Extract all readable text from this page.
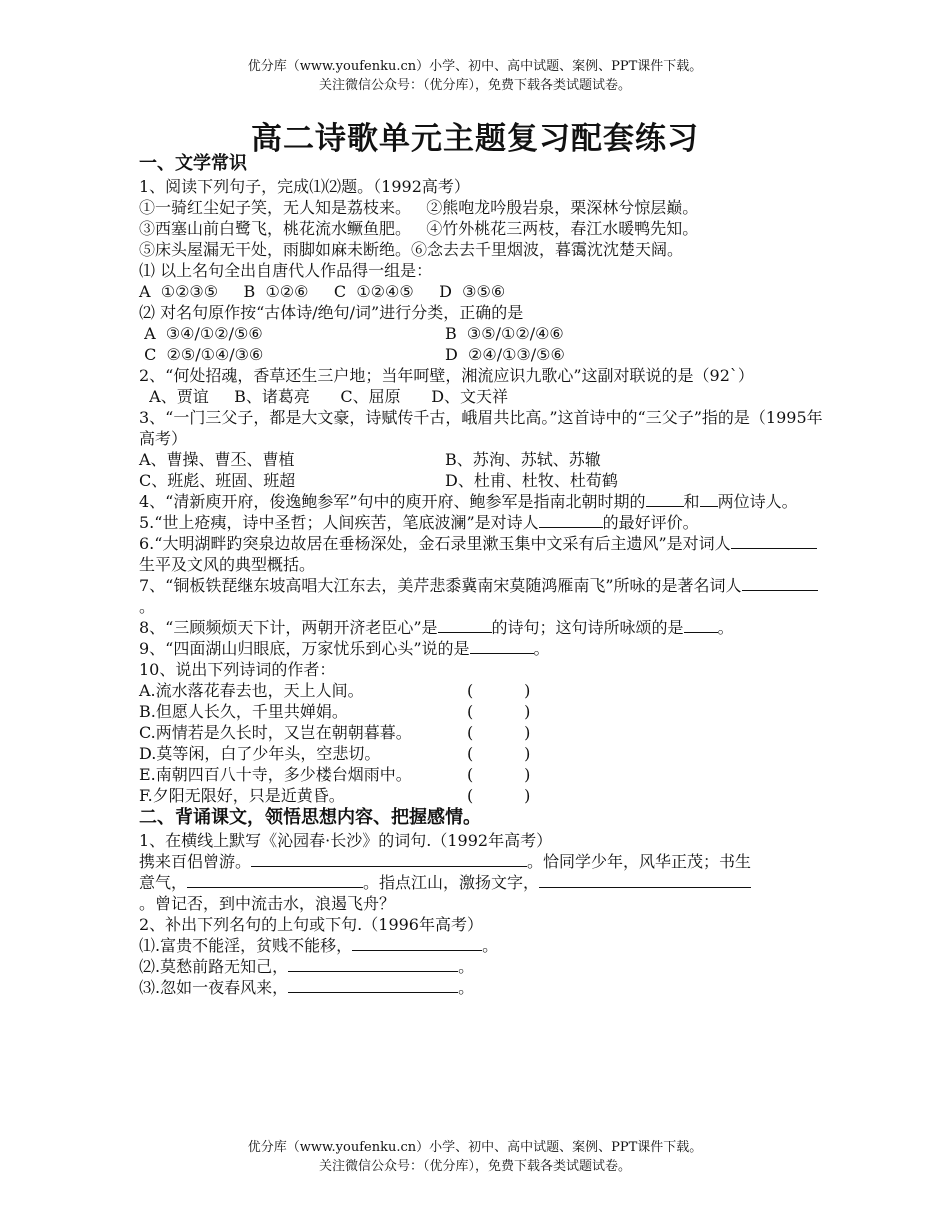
优分库（www.youfenku.cn）小学、初中、高中试题、案例、PPT课件下载。
关注微信公众号：（优分库），免费下载各类试题试卷。
高二诗歌单元主题复习配套练习
一、文学常识
1、阅读下列句子，完成⑴⑵题。（1992高考）
①一骑红尘妃子笑，无人知是荔枝来。   ②熊咆龙吟殷岩泉，栗深林兮惊层巅。
③西塞山前白鹭飞，桃花流水鳜鱼肥。   ④竹外桃花三两枝，春江水暖鸭先知。
⑤床头屋漏无干处，雨脚如麻未断绝。⑥念去去千里烟波，暮霭沈沈楚天阔。
⑴ 以上名句全出自唐代人作品得一组是：
A  ①②③⑤     B  ①②⑥     C  ①②④⑤     D  ③⑤⑥
⑵ 对名句原作按“古体诗/绝句/词”进行分类，正确的是
A  ③④/①②/⑤⑥	B  ③⑤/①②/④⑥
C  ②⑤/①④/③⑥	D  ②④/①③/⑤⑥
2、“何处招魂，香草还生三户地；当年呵壁，湘流应识九歌心”这副对联说的是（92`）
A、贾谊     B、诸葛亮      C、屈原      D、文天祥
3、“一门三父子，都是大文豪，诗赋传千古，峨眉共比高。”这首诗中的“三父子”指的是（1995年高考）
A、曹操、曹丕、曹植	B、苏洵、苏轼、苏辙
C、班彪、班固、班超	D、杜甫、杜牧、杜荀鹤
4、“清新庾开府，俊逸鲍参军”句中的庾开府、鲍参军是指南北朝时期的 和 两位诗人。
5.“世上疮痍，诗中圣哲；人间疾苦，笔底波澜”是对诗人	的最好评价。
6.“大明湖畔趵突泉边故居在垂杨深处，金石录里漱玉集中文采有后主遗风”是对词人生平及文风的典型概括。
7、“铜板铁琵继东坡高唱大江东去，美芹悲黍冀南宋莫随鸿雁南飞”所咏的是著名词人。
8、“三顾频烦天下计，两朝开济老臣心”是	的诗句；这句诗所咏颂的是 。
9、“四面湖山归眼底，万家忧乐到心头”说的是	。
10、说出下列诗词的作者：
A.流水落花春去也，天上人间。	(          )
B.但愿人长久，千里共婵娟。	(          )
C.两情若是久长时，又岂在朝朝暮暮。	(          )
D.莫等闲，白了少年头，空悲切。	(          )
E.南朝四百八十寺，多少楼台烟雨中。	(          )
F.夕阳无限好，只是近黄昏。	(          )
二、背诵课文，领悟思想内容、把握感情。
1、在横线上默写《沁园春·长沙》的词句.（1992年高考）
携来百侣曾游。	。恰同学少年，风华正茂；书生
意气，	。指点江山，激扬文字，
。曾记否，到中流击水，浪遏飞舟？
2、补出下列名句的上句或下句.（1996年高考）
⑴.富贵不能淫，贫贱不能移，	。
⑵.莫愁前路无知己，	。
⑶.忽如一夜春风来，	。
优分库（www.youfenku.cn）小学、初中、高中试题、案例、PPT课件下载。
关注微信公众号：（优分库），免费下载各类试题试卷。
